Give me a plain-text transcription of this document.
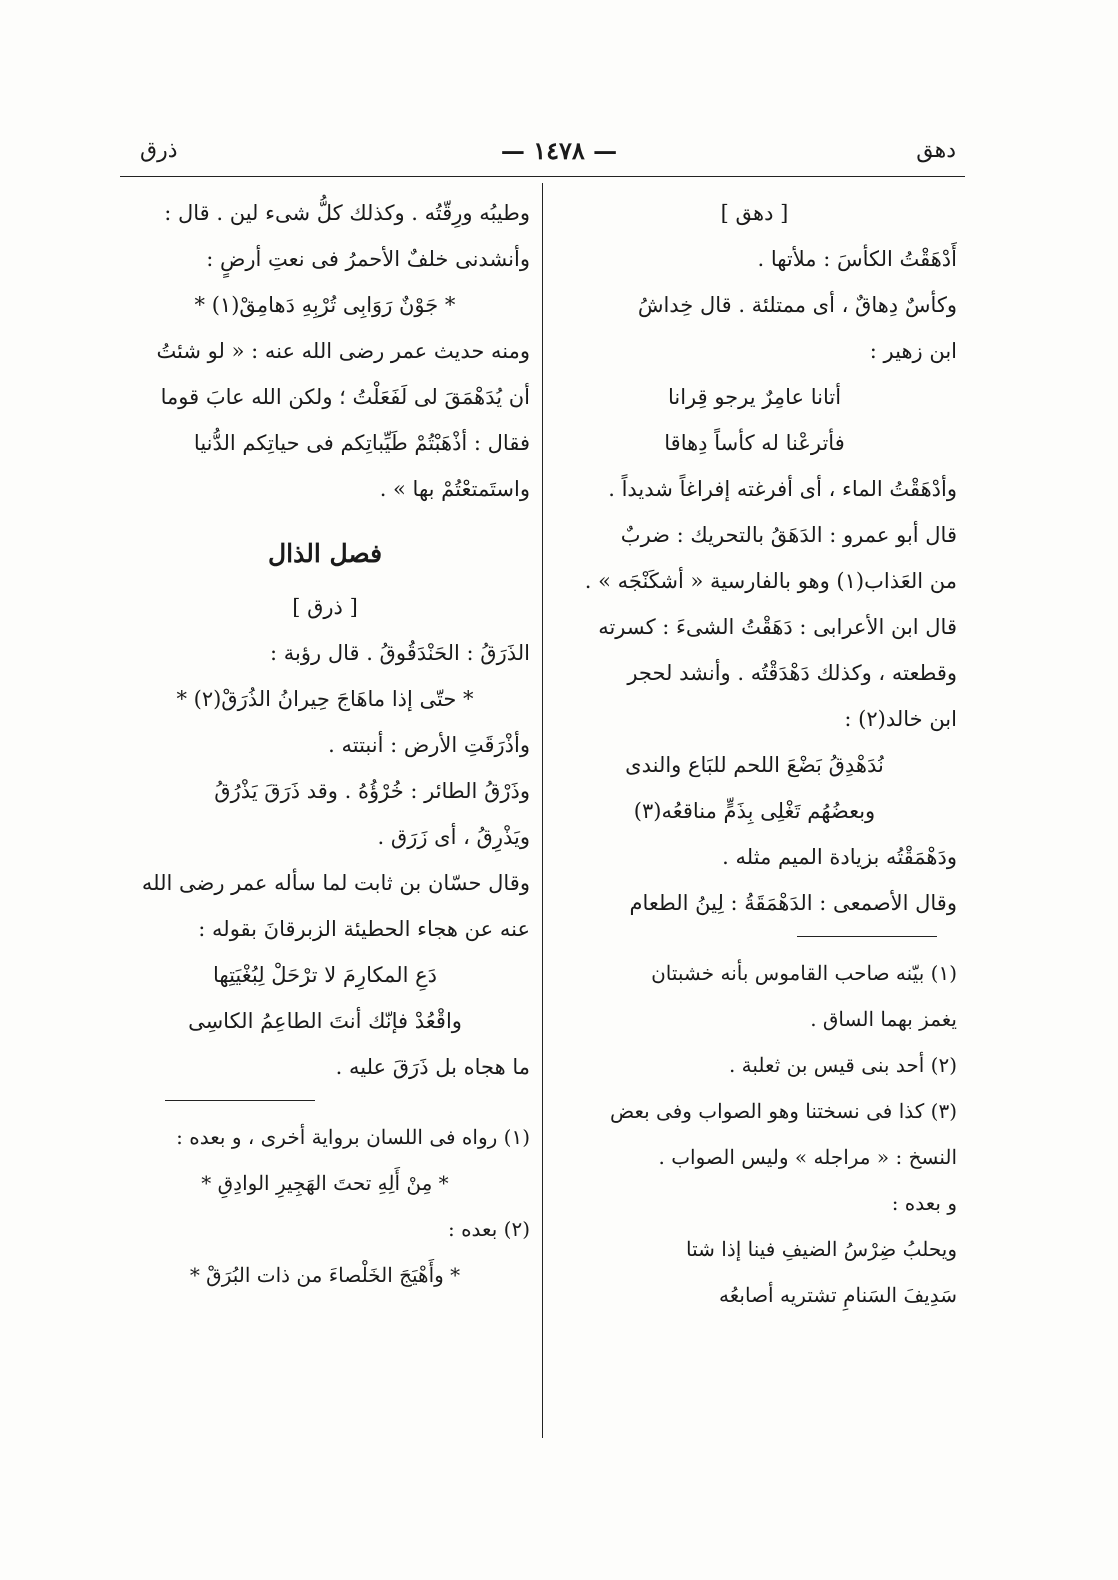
دهق
— ١٤٧٨ —
ذرق
[ دهق ]
أَدْهَقْتُ الكأسَ : ملأتها .
وكأسٌ دِهاقٌ ، أى ممتلئة . قال خِداشُ
ابن زهير :
أتانا عامِرٌ يرجو قِرانا
فأترعْنا له كأساً دِهاقا
وأدْهَقْتُ الماء ، أى أفرغته إفراغاً شديداً .
قال أبو عمرو : الدَهَقُ بالتحريك : ضربٌ
من العَذاب(١) وهو بالفارسية « أشكَنْجَه » .
قال ابن الأعرابى : دَهَقْتُ الشىءَ : كسرته
وقطعته ، وكذلك دَهْدَقْتُه . وأنشد لحجر
ابن خالد(٢) :
نُدَهْدِقُ بَضْعَ اللحم للبَاع والندى
وبعضُهُم تَغْلِى بِذَمٍّ مناقعُه(٣)
ودَهْمَقْتُه بزيادة الميم مثله .
وقال الأصمعى : الدَهْمَقَةُ : لِينُ الطعام
(١) بيّنه صاحب القاموس بأنه خشبتان
يغمز بهما الساق .
(٢) أحد بنى قيس بن ثعلبة .
(٣) كذا فى نسختنا وهو الصواب وفى بعض
النسخ : « مراجله » وليس الصواب .
و بعده :
ويحلبُ ضِرْسُ الضيفِ فينا إذا شتا
سَدِيفَ السَنامِ تشتريه أصابعُه
وطيبُه ورِقّتُه . وكذلك كلُّ شىء لين . قال :
وأنشدنى خلفٌ الأحمرُ فى نعتِ أرضٍ :
* جَوْنٌ رَوَابِى تُرْبِهِ دَهامِقْ(١) *
ومنه حديث عمر رضى الله عنه : « لو شئتُ
أن يُدَهْمَقَ لى لَفَعَلْتُ ؛ ولكن الله عابَ قوما
فقال : أذْهَبْتُمْ طَيِّباتِكم فى حياتِكم الدُّنيا
واستَمتعْتُمْ بها » .
فصل الذال
[ ذرق ]
الذَرَقُ : الحَنْدَقُوقُ . قال رؤبة :
* حتّى إذا ماهَاجَ حِيرانُ الذُرَقْ(٢) *
وأذْرَقَتِ الأرض : أنبتته .
وذَرْقُ الطائر : خُرْؤُهُ . وقد ذَرَقَ يَذْرُقُ
ويَذْرِقُ ، أى زَرَق .
وقال حسّان بن ثابت لما سأله عمر رضى الله
عنه عن هجاء الحطيئة الزبرقانَ بقوله :
دَعِ المكارِمَ لا ترْحَلْ لِبُغْيَتِها
واقْعُدْ فإنّك أنتَ الطاعِمُ الكاسِى
ما هجاه بل ذَرَقَ عليه .
(١) رواه فى اللسان برواية أخرى ، و بعده :
* مِنْ أَلِهِ تحتَ الهَجِيرِ الوادِقِ *
(٢) بعده :
* وأَهْيَجَ الخَلْصاءَ من ذات البُرَقْ *
